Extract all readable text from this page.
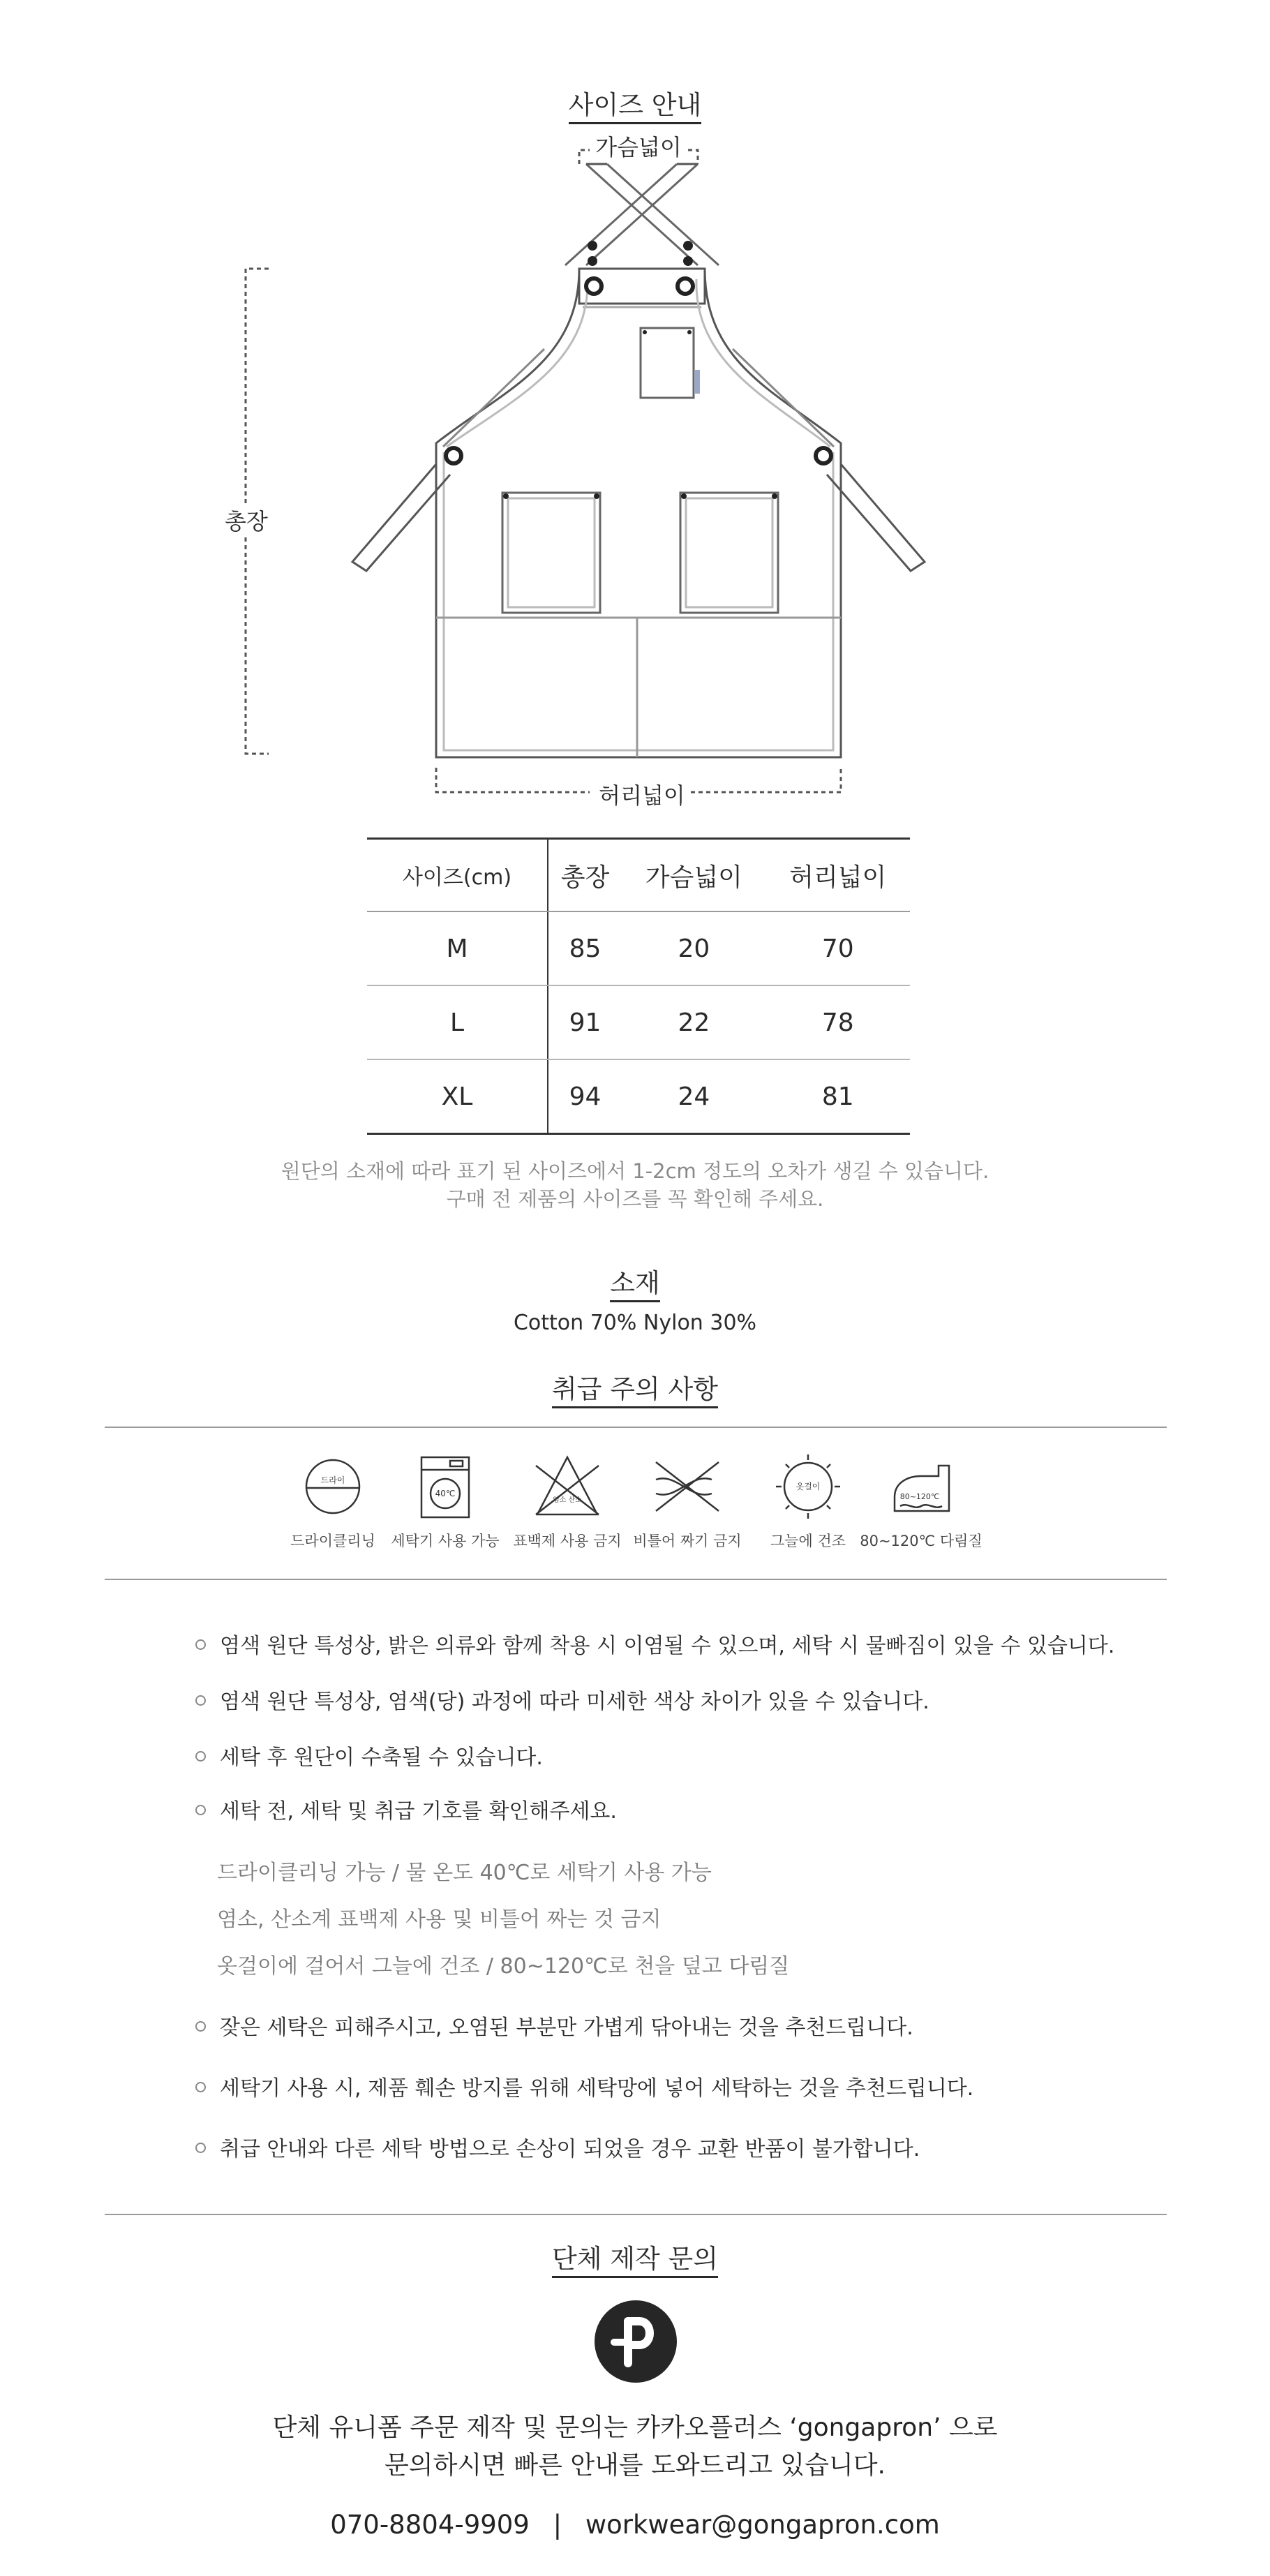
사이즈 안내
가슴넓이
총장
허리넓이
사이즈(cm)	총장	가슴넓이	허리넓이
M	85	20	70
L	91	22	78
XL	94	24	81
원단의 소재에 따라 표기 된 사이즈에서 1-2cm 정도의 오차가 생길 수 있습니다.
구매 전 제품의 사이즈를 꼭 확인해 주세요.
소재
Cotton 70% Nylon 30%
취급 주의 사항
드라이
40℃
염소 산소
옷걸이
80~120℃
드라이클리닝	세탁기 사용 가능 표백제 사용 금지 비틀어 짜기 금지	그늘에 건조 80~120℃ 다림질
염색 원단 특성상, 밝은 의류와 함께 착용 시 이염될 수 있으며, 세탁 시 물빠짐이 있을 수 있습니다.
염색 원단 특성상, 염색(당) 과정에 따라 미세한 색상 차이가 있을 수 있습니다.
세탁 후 원단이 수축될 수 있습니다.
세탁 전, 세탁 및 취급 기호를 확인해주세요.
드라이클리닝 가능 / 물 온도 40℃로 세탁기 사용 가능
염소, 산소계 표백제 사용 및 비틀어 짜는 것 금지
옷걸이에 걸어서 그늘에 건조 / 80~120℃로 천을 덮고 다림질
잦은 세탁은 피해주시고, 오염된 부분만 가볍게 닦아내는 것을 추천드립니다.
세탁기 사용 시, 제품 훼손 방지를 위해 세탁망에 넣어 세탁하는 것을 추천드립니다.
취급 안내와 다른 세탁 방법으로 손상이 되었을 경우 교환 반품이 불가합니다.
단체 제작 문의
단체 유니폼 주문 제작 및 문의는 카카오플러스 ‘gongapron’ 으로
문의하시면 빠른 안내를 도와드리고 있습니다.
070-8804-9909 | workwear@gongapron.com
